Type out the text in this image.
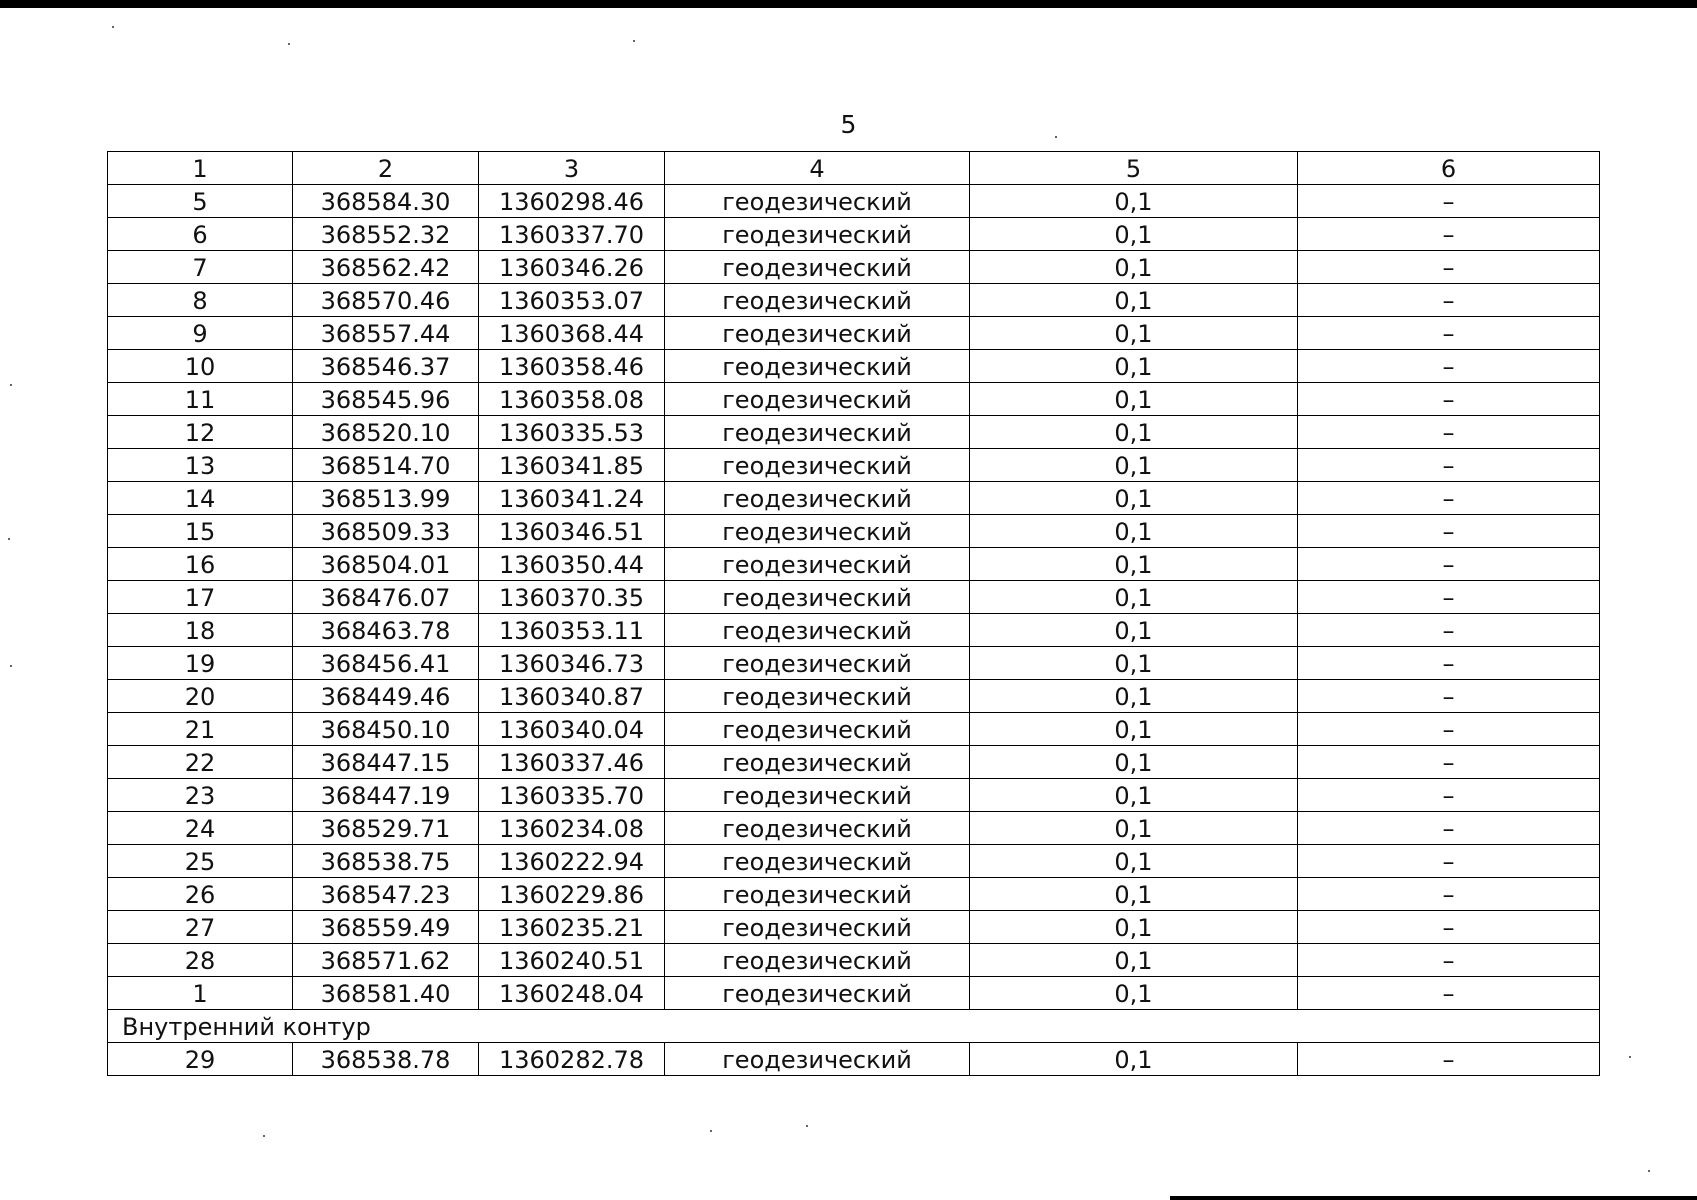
5
1	2	3	4	5	6
5	368584.30	1360298.46	геодезический	0,1	–
6	368552.32	1360337.70	геодезический	0,1	–
7	368562.42	1360346.26	геодезический	0,1	–
8	368570.46	1360353.07	геодезический	0,1	–
9	368557.44	1360368.44	геодезический	0,1	–
10	368546.37	1360358.46	геодезический	0,1	–
11	368545.96	1360358.08	геодезический	0,1	–
12	368520.10	1360335.53	геодезический	0,1	–
13	368514.70	1360341.85	геодезический	0,1	–
14	368513.99	1360341.24	геодезический	0,1	–
15	368509.33	1360346.51	геодезический	0,1	–
16	368504.01	1360350.44	геодезический	0,1	–
17	368476.07	1360370.35	геодезический	0,1	–
18	368463.78	1360353.11	геодезический	0,1	–
19	368456.41	1360346.73	геодезический	0,1	–
20	368449.46	1360340.87	геодезический	0,1	–
21	368450.10	1360340.04	геодезический	0,1	–
22	368447.15	1360337.46	геодезический	0,1	–
23	368447.19	1360335.70	геодезический	0,1	–
24	368529.71	1360234.08	геодезический	0,1	–
25	368538.75	1360222.94	геодезический	0,1	–
26	368547.23	1360229.86	геодезический	0,1	–
27	368559.49	1360235.21	геодезический	0,1	–
28	368571.62	1360240.51	геодезический	0,1	–
1	368581.40	1360248.04	геодезический	0,1	–
Внутренний контур					
29	368538.78	1360282.78	геодезический	0,1	–
